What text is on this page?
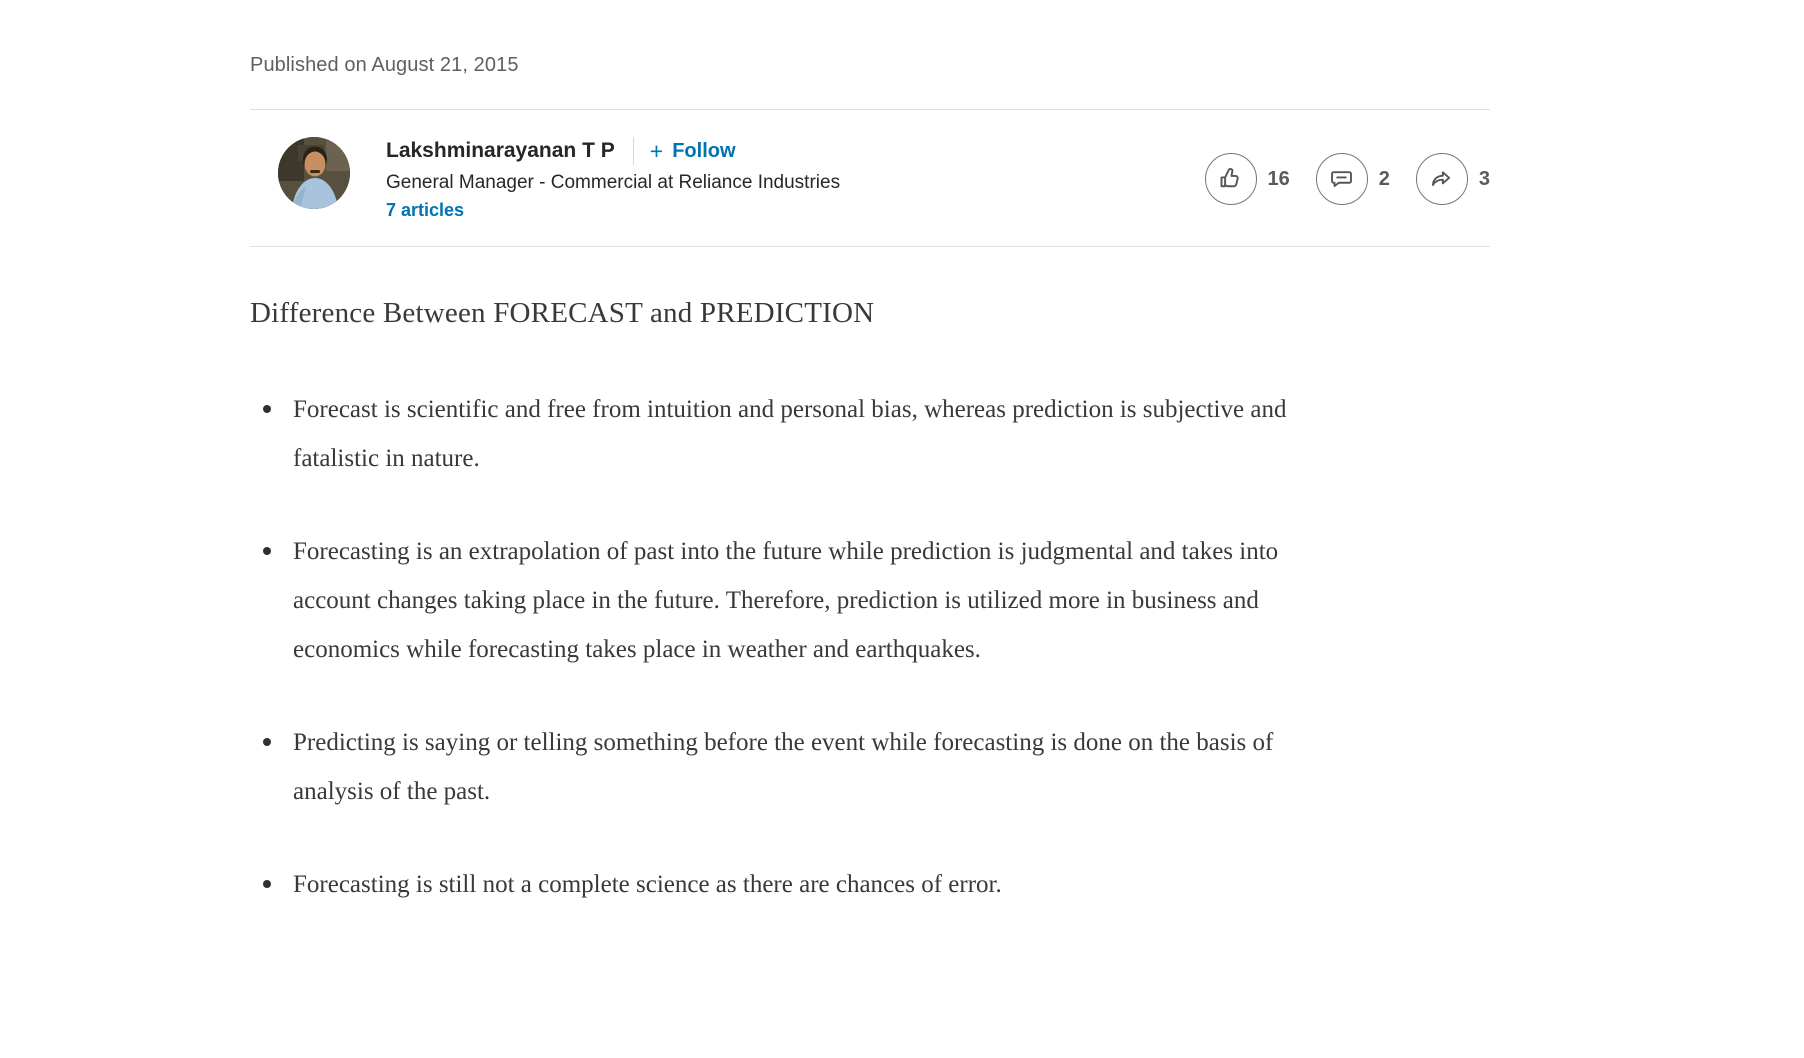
Published on August 21, 2015
Lakshminarayanan T P + Follow
General Manager - Commercial at Reliance Industries
7 articles
16	2	3
Difference Between FORECAST and PREDICTION
Forecast is scientific and free from intuition and personal bias, whereas prediction is subjective and fatalistic in nature.
Forecasting is an extrapolation of past into the future while prediction is judgmental and takes into account changes taking place in the future. Therefore, prediction is utilized more in business and economics while forecasting takes place in weather and earthquakes.
Predicting is saying or telling something before the event while forecasting is done on the basis of analysis of the past.
Forecasting is still not a complete science as there are chances of error.
